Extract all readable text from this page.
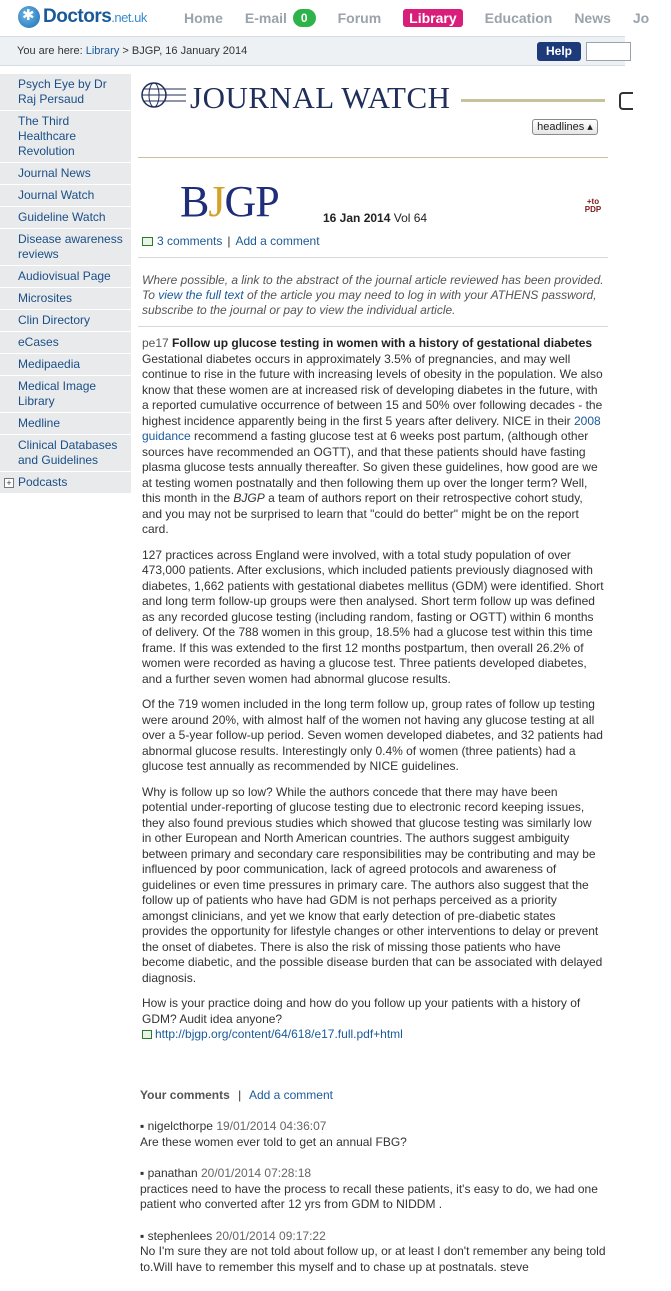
✱
Doctors.net.uk	Home E-mail	0	Forum Library Education News Jo
You are here: Library > BJGP, 16 January 2014	Help
Psych Eye by Dr Raj Persaud
The Third Healthcare Revolution
Journal News
Journal Watch
Guideline Watch
Disease awareness reviews
Audiovisual Page
Microsites
Clin Directory
eCases
Medipaedia
Medical Image Library
Medline
Clinical Databases and Guidelines
+ Podcasts
JOURNAL WATCH
headlines ▴
BJGP	16 Jan 2014 Vol 64
+to PDP
3 comments | Add a comment
Where possible, a link to the abstract of the journal article reviewed has been provided. To view the full text of the article you may need to log in with your ATHENS password, subscribe to the journal or pay to view the individual article.

pe17 Follow up glucose testing in women with a history of gestational diabetes
Gestational diabetes occurs in approximately 3.5% of pregnancies, and may well continue to rise in the future with increasing levels of obesity in the population. We also know that these women are at increased risk of developing diabetes in the future, with a reported cumulative occurrence of between 15 and 50% over following decades - the highest incidence apparently being in the first 5 years after delivery. NICE in their 2008 guidance recommend a fasting glucose test at 6 weeks post partum, (although other sources have recommended an OGTT), and that these patients should have fasting plasma glucose tests annually thereafter. So given these guidelines, how good are we at testing women postnatally and then following them up over the longer term? Well, this month in the BJGP a team of authors report on their retrospective cohort study, and you may not be surprised to learn that "could do better" might be on the report card.

127 practices across England were involved, with a total study population of over 473,000 patients. After exclusions, which included patients previously diagnosed with diabetes, 1,662 patients with gestational diabetes mellitus (GDM) were identified. Short and long term follow-up groups were then analysed. Short term follow up was defined as any recorded glucose testing (including random, fasting or OGTT) within 6 months of delivery. Of the 788 women in this group, 18.5% had a glucose test within this time frame. If this was extended to the first 12 months postpartum, then overall 26.2% of women were recorded as having a glucose test. Three patients developed diabetes, and a further seven women had abnormal glucose results.

Of the 719 women included in the long term follow up, group rates of follow up testing were around 20%, with almost half of the women not having any glucose testing at all over a 5-year follow-up period. Seven women developed diabetes, and 32 patients had abnormal glucose results. Interestingly only 0.4% of women (three patients) had a glucose test annually as recommended by NICE guidelines.

Why is follow up so low? While the authors concede that there may have been potential under-reporting of glucose testing due to electronic record keeping issues, they also found previous studies which showed that glucose testing was similarly low in other European and North American countries. The authors suggest ambiguity between primary and secondary care responsibilities may be contributing and may be influenced by poor communication, lack of agreed protocols and awareness of guidelines or even time pressures in primary care. The authors also suggest that the follow up of patients who have had GDM is not perhaps perceived as a priority amongst clinicians, and yet we know that early detection of pre-diabetic states provides the opportunity for lifestyle changes or other interventions to delay or prevent the onset of diabetes. There is also the risk of missing those patients who have become diabetic, and the possible disease burden that can be associated with delayed diagnosis.

How is your practice doing and how do you follow up your patients with a history of GDM? Audit idea anyone?

http://bjgp.org/content/64/618/e17.full.pdf+html
Your comments | Add a comment
▪ nigelcthorpe 19/01/2014 04:36:07
Are these women ever told to get an annual FBG?
▪ panathan 20/01/2014 07:28:18
practices need to have the process to recall these patients, it's easy to do, we had one patient who converted after 12 yrs from GDM to NIDDM .
▪ stephenlees 20/01/2014 09:17:22
No I'm sure they are not told about follow up, or at least I don't remember any being told to.Will have to remember this myself and to chase up at postnatals. steve
